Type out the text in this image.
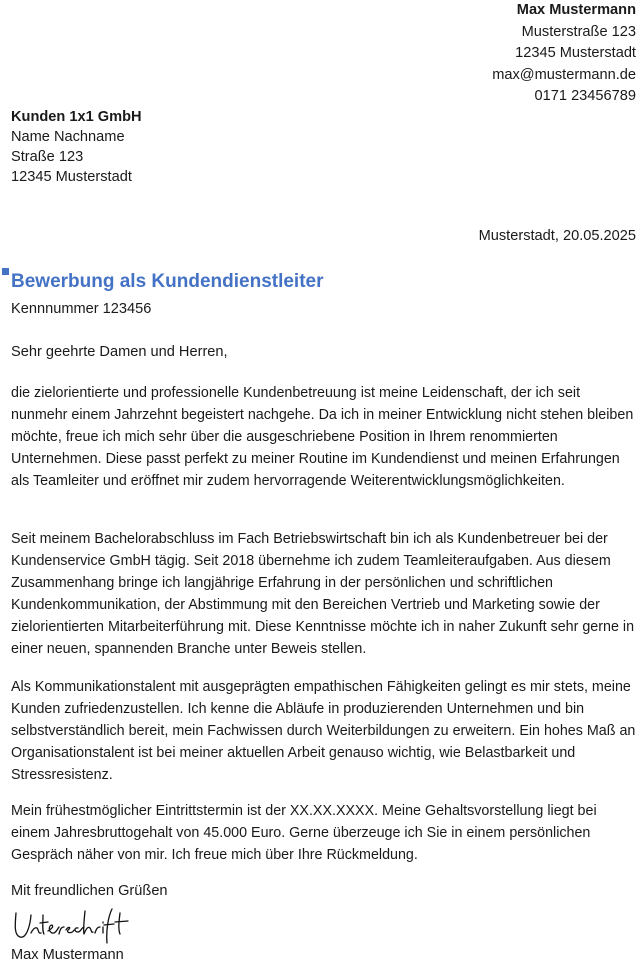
Max Mustermann
Musterstraße 123
12345 Musterstadt
max@mustermann.de
0171 23456789
Kunden 1x1 GmbH
Name Nachname
Straße 123
12345 Musterstadt
Musterstadt, 20.05.2025
Bewerbung als Kundendienstleiter
Kennnummer 123456
Sehr geehrte Damen und Herren,

die zielorientierte und professionelle Kundenbetreuung ist meine Leidenschaft, der ich seit nunmehr einem Jahrzehnt begeistert nachgehe. Da ich in meiner Entwicklung nicht stehen bleiben möchte, freue ich mich sehr über die ausgeschriebene Position in Ihrem renommierten Unternehmen. Diese passt perfekt zu meiner Routine im Kundendienst und meinen Erfahrungen als Teamleiter und eröffnet mir zudem hervorragende Weiterentwicklungsmöglichkeiten.

Seit meinem Bachelorabschluss im Fach Betriebswirtschaft bin ich als Kundenbetreuer bei der Kundenservice GmbH tägig. Seit 2018 übernehme ich zudem Teamleiteraufgaben. Aus diesem Zusammenhang bringe ich langjährige Erfahrung in der persönlichen und schriftlichen Kundenkommunikation, der Abstimmung mit den Bereichen Vertrieb und Marketing sowie der zielorientierten Mitarbeiterführung mit. Diese Kenntnisse möchte ich in naher Zukunft sehr gerne in einer neuen, spannenden Branche unter Beweis stellen.

Als Kommunikationstalent mit ausgeprägten empathischen Fähigkeiten gelingt es mir stets, meine Kunden zufriedenzustellen. Ich kenne die Abläufe in produzierenden Unternehmen und bin selbstverständlich bereit, mein Fachwissen durch Weiterbildungen zu erweitern. Ein hohes Maß an Organisationstalent ist bei meiner aktuellen Arbeit genauso wichtig, wie Belastbarkeit und Stressresistenz.

Mein frühestmöglicher Eintrittstermin ist der XX.XX.XXXX. Meine Gehaltsvorstellung liegt bei einem Jahresbruttogehalt von 45.000 Euro. Gerne überzeuge ich Sie in einem persönlichen Gespräch näher von mir. Ich freue mich über Ihre Rückmeldung.

Mit freundlichen Grüßen
Max Mustermann
